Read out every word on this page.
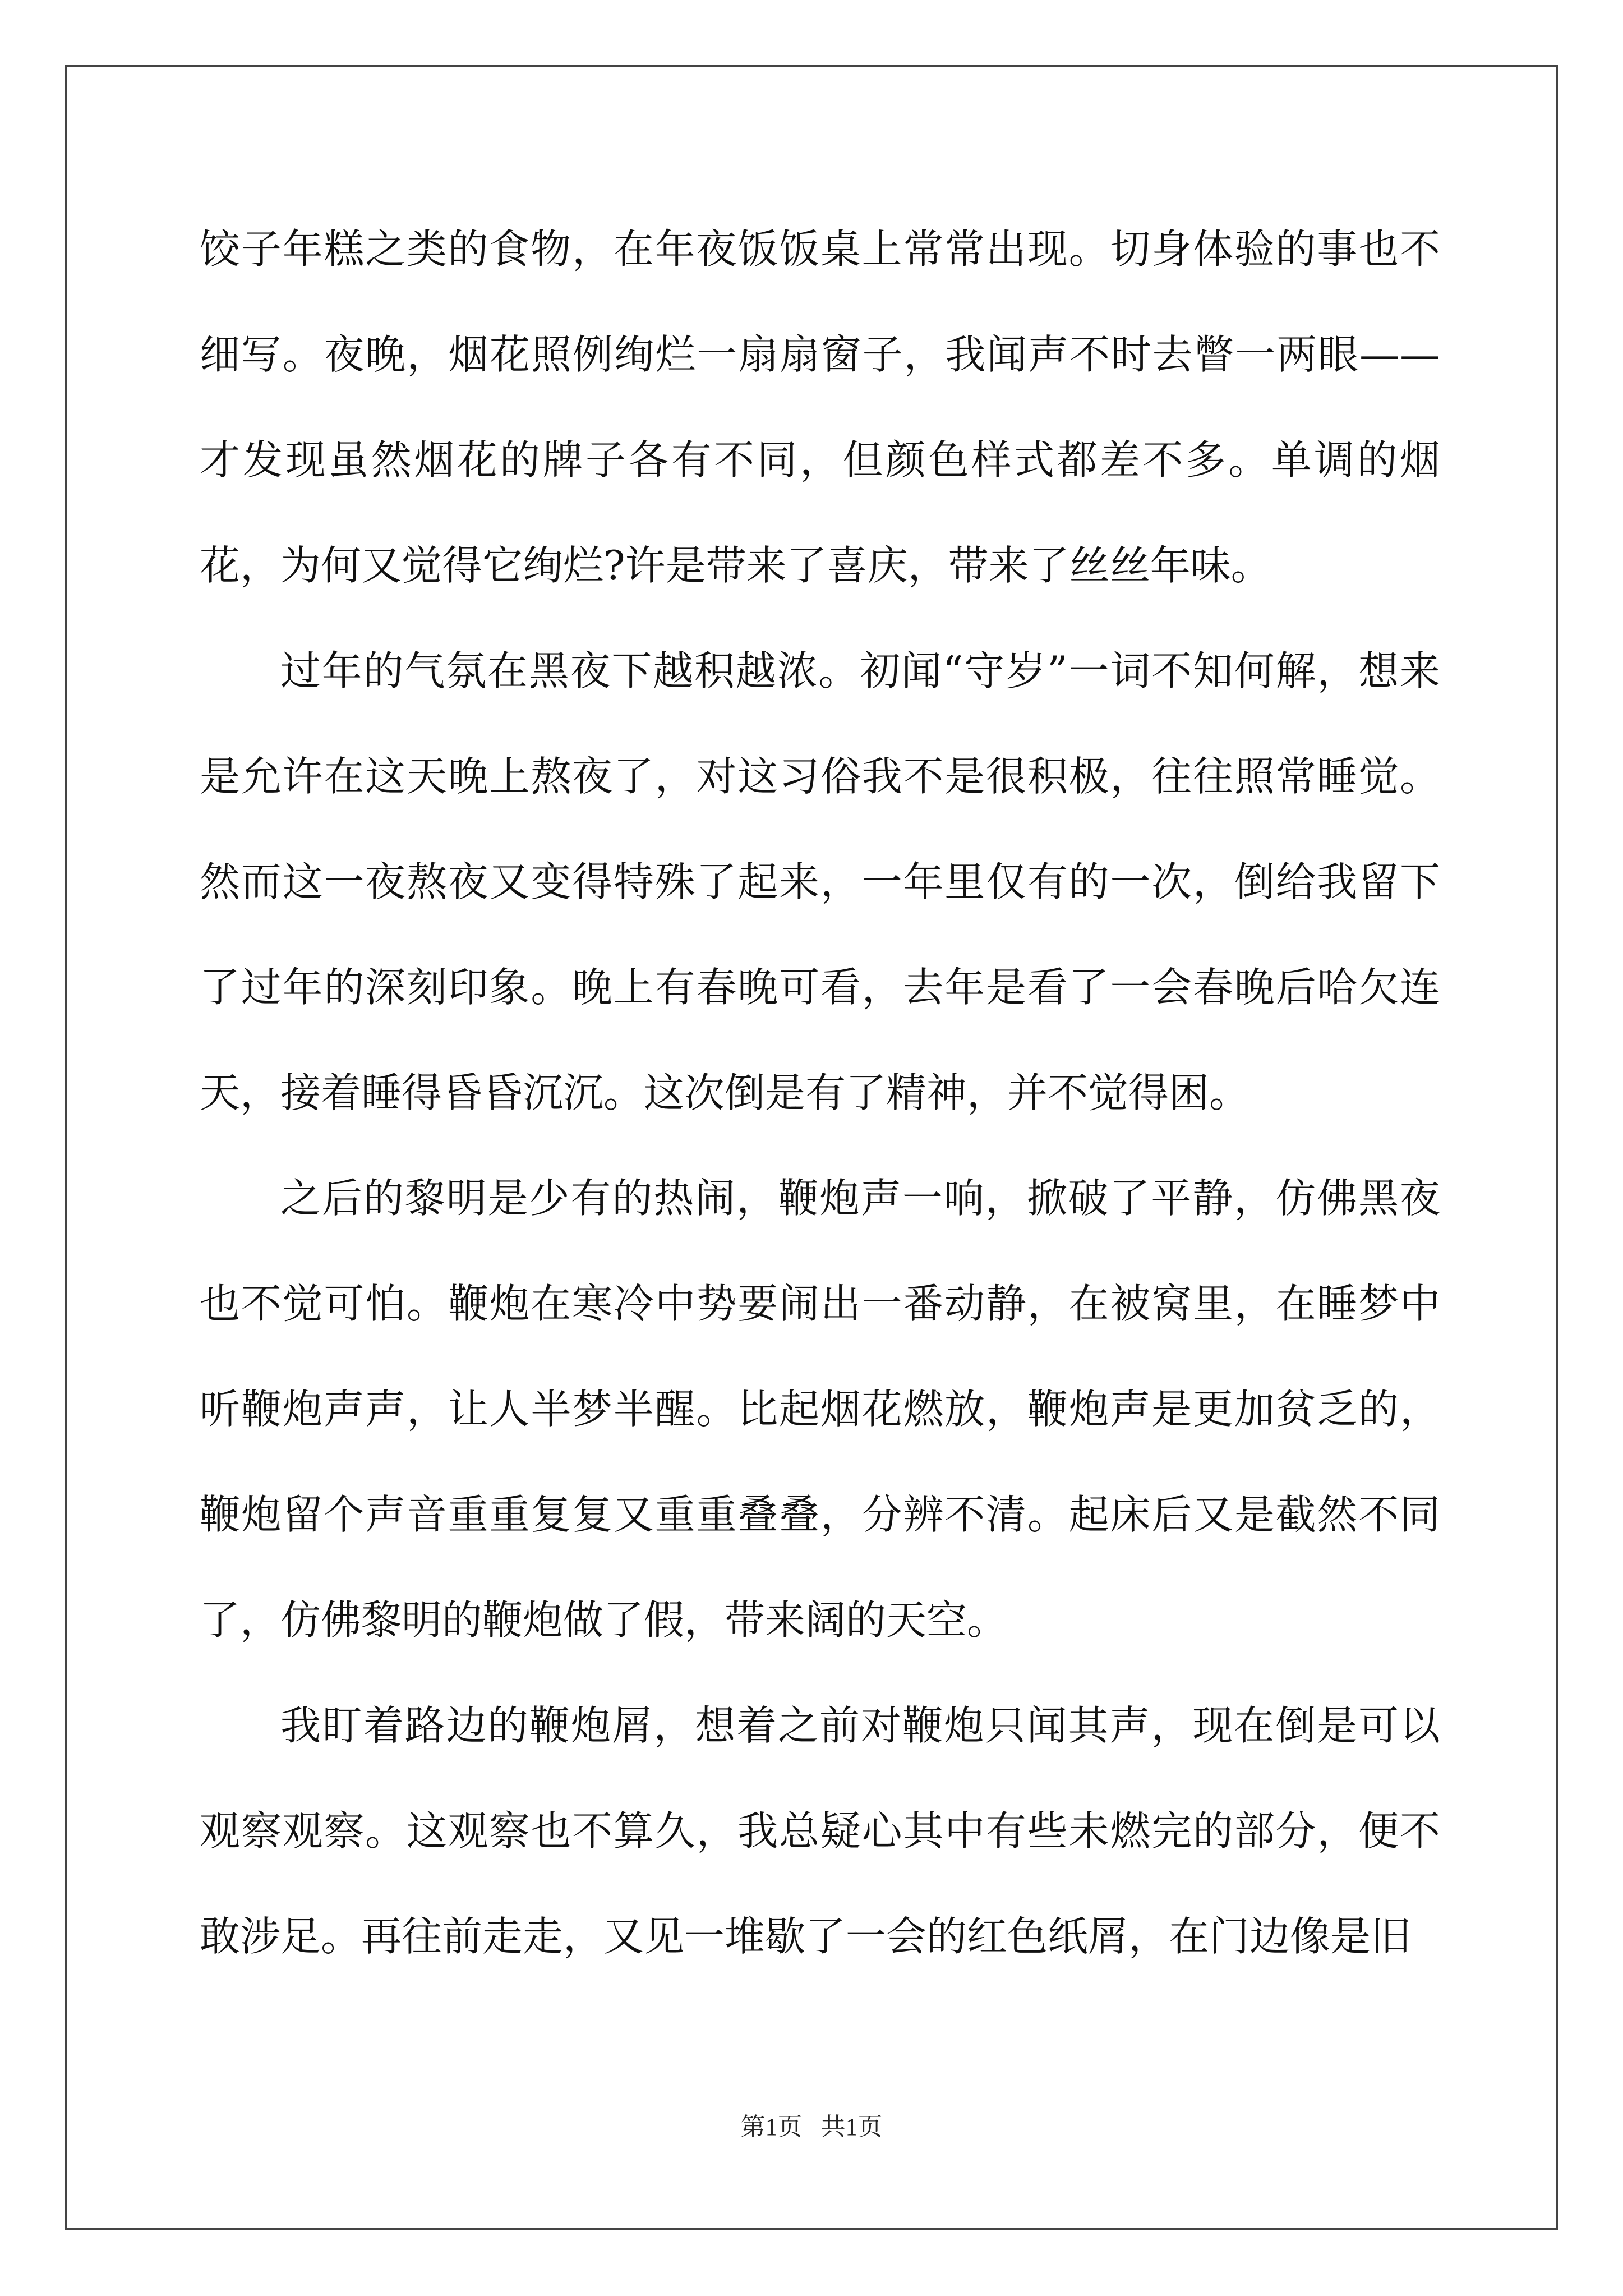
饺子年糕之类的食物，在年夜饭饭桌上常常出现。切身体验的事也不细写。夜晚，烟花照例绚烂一扇扇窗子，我闻声不时去瞥一两眼——才发现虽然烟花的牌子各有不同，但颜色样式都差不多。单调的烟花，为何又觉得它绚烂?许是带来了喜庆，带来了丝丝年味。

过年的气氛在黑夜下越积越浓。初闻“守岁”一词不知何解，想来是允许在这天晚上熬夜了，对这习俗我不是很积极，往往照常睡觉。然而这一夜熬夜又变得特殊了起来，一年里仅有的一次，倒给我留下了过年的深刻印象。晚上有春晚可看，去年是看了一会春晚后哈欠连天，接着睡得昏昏沉沉。这次倒是有了精神，并不觉得困。

之后的黎明是少有的热闹，鞭炮声一响，掀破了平静，仿佛黑夜也不觉可怕。鞭炮在寒冷中势要闹出一番动静，在被窝里，在睡梦中听鞭炮声声，让人半梦半醒。比起烟花燃放，鞭炮声是更加贫乏的，鞭炮留个声音重重复复又重重叠叠，分辨不清。起床后又是截然不同了，仿佛黎明的鞭炮做了假，带来阔的天空。

我盯着路边的鞭炮屑，想着之前对鞭炮只闻其声，现在倒是可以观察观察。这观察也不算久，我总疑心其中有些未燃完的部分，便不敢涉足。再往前走走，又见一堆歇了一会的红色纸屑，在门边像是旧

第1页   共1页
